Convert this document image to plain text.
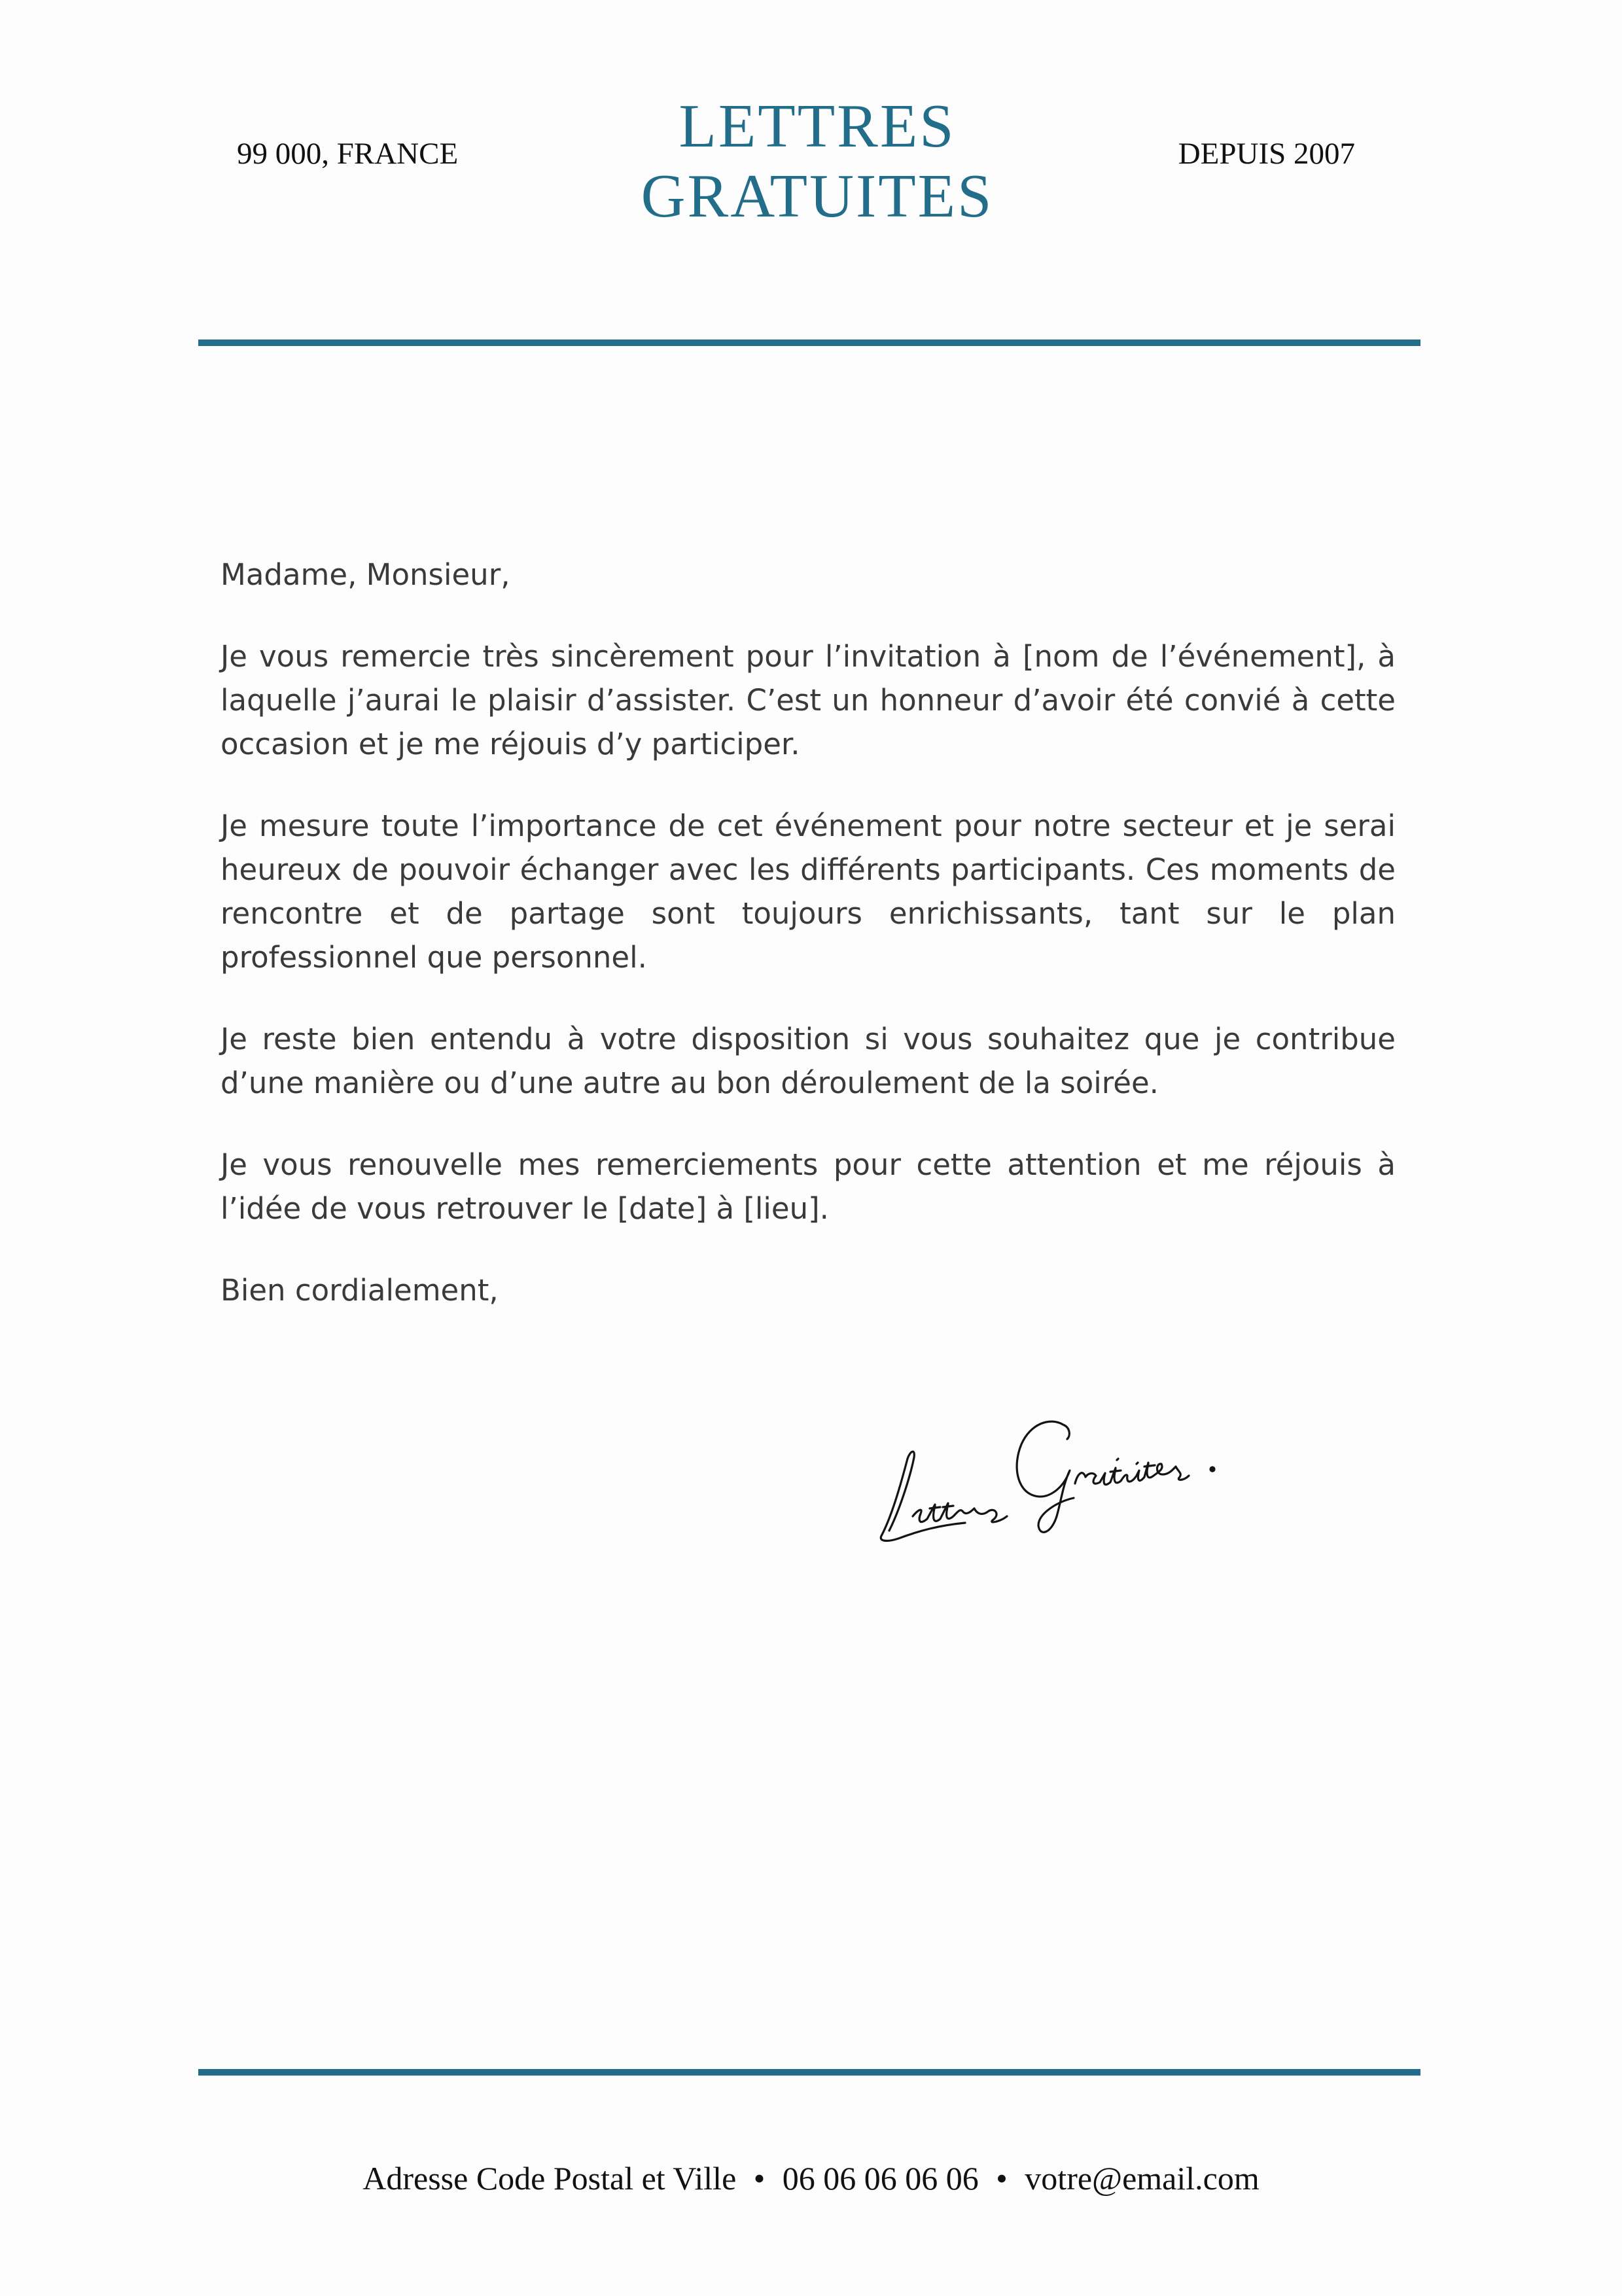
99 000, FRANCE	LETTRES
GRATUITES
DEPUIS 2007

Madame, Monsieur,

Je vous remercie très sincèrement pour l’invitation à [nom de l’événement], à laquelle j’aurai le plaisir d’assister. C’est un honneur d’avoir été convié à cette occasion et je me réjouis d’y participer.

Je mesure toute l’importance de cet événement pour notre secteur et je serai heureux de pouvoir échanger avec les différents participants. Ces moments de rencontre et de partage sont toujours enrichissants, tant sur le plan professionnel que personnel.

Je reste bien entendu à votre disposition si vous souhaitez que je contribue d’une manière ou d’une autre au bon déroulement de la soirée.

Je vous renouvelle mes remerciements pour cette attention et me réjouis à l’idée de vous retrouver le [date] à [lieu].

Bien cordialement,

Adresse Code Postal et Ville • 06 06 06 06 06 • votre@email.com
